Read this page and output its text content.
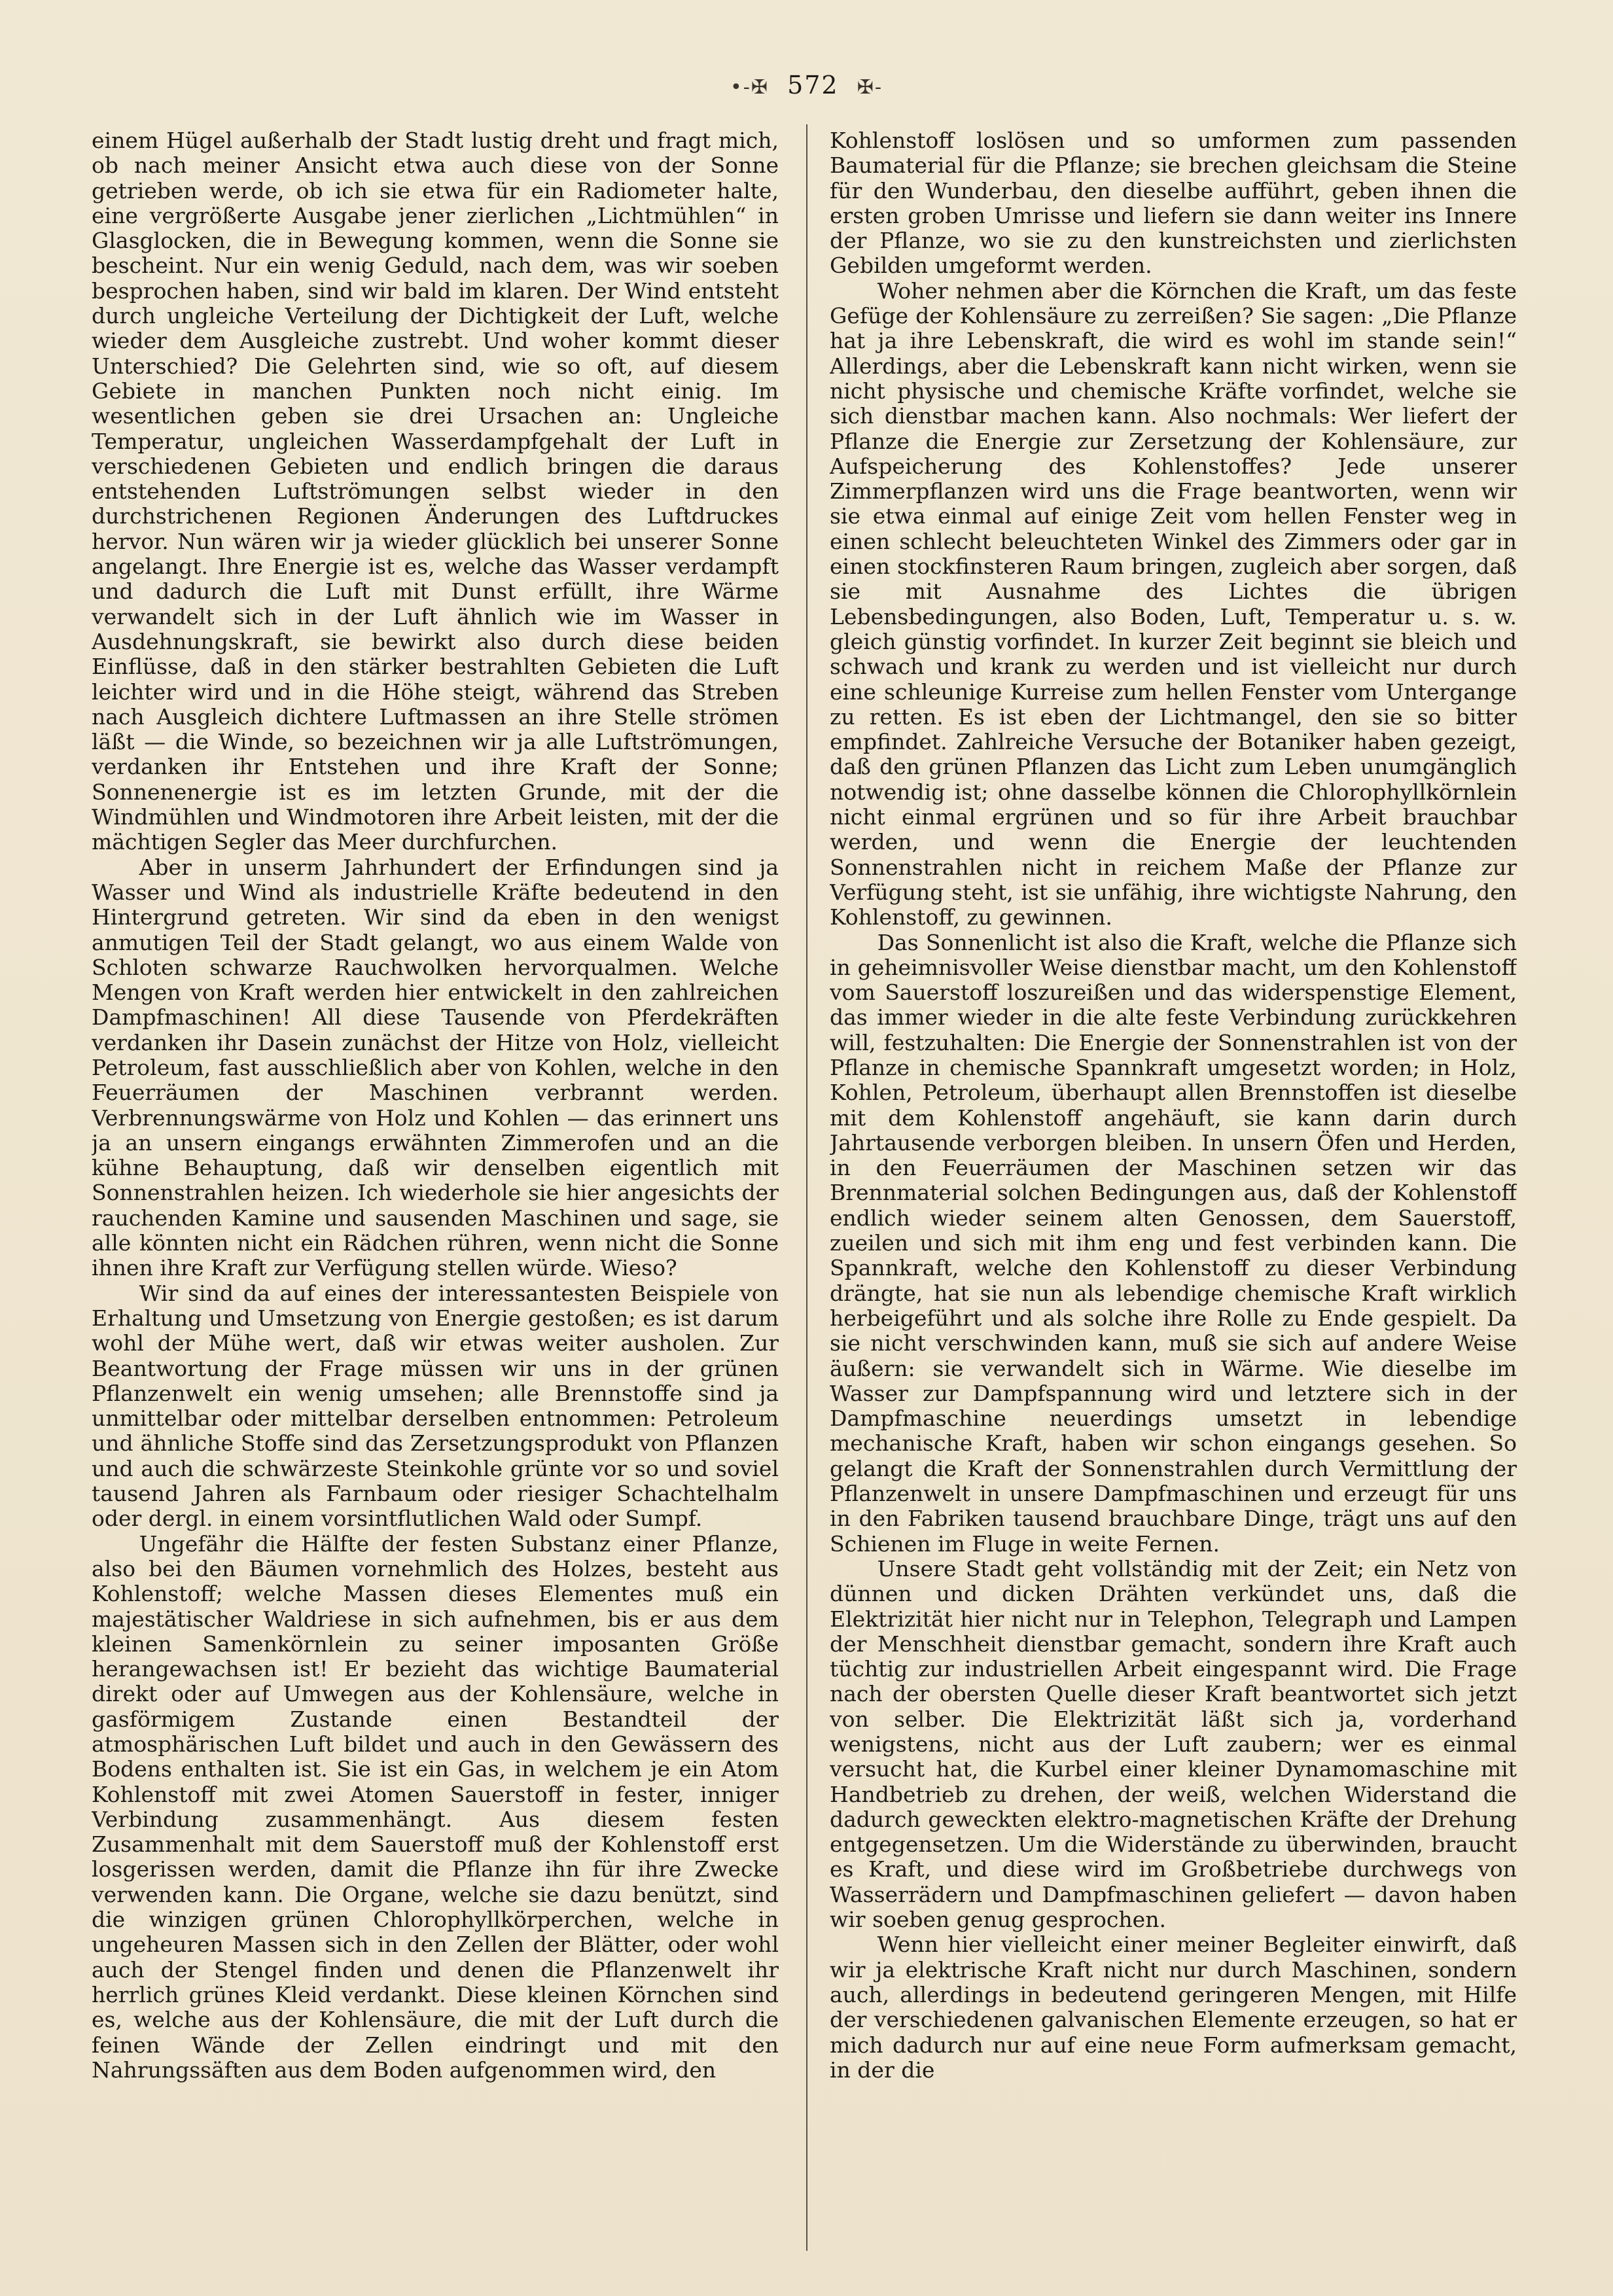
•-✠ 572 ✠-

einem Hügel außerhalb der Stadt lustig dreht und fragt mich, ob nach meiner Ansicht etwa auch diese von der Sonne getrieben werde, ob ich sie etwa für ein Radiometer halte, eine vergrößerte Ausgabe jener zierlichen „Lichtmühlen“ in Glasglocken, die in Bewegung kommen, wenn die Sonne sie bescheint. Nur ein wenig Geduld, nach dem, was wir soeben besprochen haben, sind wir bald im klaren. Der Wind entsteht durch ungleiche Verteilung der Dichtigkeit der Luft, welche wieder dem Ausgleiche zustrebt. Und woher kommt dieser Unterschied? Die Gelehrten sind, wie so oft, auf diesem Gebiete in manchen Punkten noch nicht einig. Im wesentlichen geben sie drei Ursachen an: Ungleiche Temperatur, ungleichen Wasserdampfgehalt der Luft in verschiedenen Gebieten und endlich bringen die daraus entstehenden Luftströmungen selbst wieder in den durchstrichenen Regionen Änderungen des Luftdruckes hervor. Nun wären wir ja wieder glücklich bei unserer Sonne angelangt. Ihre Energie ist es, welche das Wasser verdampft und dadurch die Luft mit Dunst erfüllt, ihre Wärme verwandelt sich in der Luft ähnlich wie im Wasser in Ausdehnungskraft, sie bewirkt also durch diese beiden Einflüsse, daß in den stärker bestrahlten Gebieten die Luft leichter wird und in die Höhe steigt, während das Streben nach Ausgleich dichtere Luftmassen an ihre Stelle strömen läßt — die Winde, so bezeichnen wir ja alle Luftströmungen, verdanken ihr Entstehen und ihre Kraft der Sonne; Sonnenenergie ist es im letzten Grunde, mit der die Windmühlen und Windmotoren ihre Arbeit leisten, mit der die mächtigen Segler das Meer durchfurchen.

Aber in unserm Jahrhundert der Erfindungen sind ja Wasser und Wind als industrielle Kräfte bedeutend in den Hintergrund getreten. Wir sind da eben in den wenigst anmutigen Teil der Stadt gelangt, wo aus einem Walde von Schloten schwarze Rauchwolken hervorqualmen. Welche Mengen von Kraft werden hier entwickelt in den zahlreichen Dampfmaschinen! All diese Tausende von Pferdekräften verdanken ihr Dasein zunächst der Hitze von Holz, vielleicht Petroleum, fast ausschließlich aber von Kohlen, welche in den Feuerräumen der Maschinen verbrannt werden. Verbrennungswärme von Holz und Kohlen — das erinnert uns ja an unsern eingangs erwähnten Zimmerofen und an die kühne Behauptung, daß wir denselben eigentlich mit Sonnenstrahlen heizen. Ich wiederhole sie hier angesichts der rauchenden Kamine und sausenden Maschinen und sage, sie alle könnten nicht ein Rädchen rühren, wenn nicht die Sonne ihnen ihre Kraft zur Verfügung stellen würde. Wieso?

Wir sind da auf eines der interessantesten Beispiele von Erhaltung und Umsetzung von Energie gestoßen; es ist darum wohl der Mühe wert, daß wir etwas weiter ausholen. Zur Beantwortung der Frage müssen wir uns in der grünen Pflanzenwelt ein wenig umsehen; alle Brennstoffe sind ja unmittelbar oder mittelbar derselben entnommen: Petroleum und ähnliche Stoffe sind das Zersetzungsprodukt von Pflanzen und auch die schwärzeste Steinkohle grünte vor so und soviel tausend Jahren als Farnbaum oder riesiger Schachtelhalm oder dergl. in einem vorsintflutlichen Wald oder Sumpf.

Ungefähr die Hälfte der festen Substanz einer Pflanze, also bei den Bäumen vornehmlich des Holzes, besteht aus Kohlenstoff; welche Massen dieses Elementes muß ein majestätischer Waldriese in sich aufnehmen, bis er aus dem kleinen Samenkörnlein zu seiner imposanten Größe herangewachsen ist! Er bezieht das wichtige Baumaterial direkt oder auf Umwegen aus der Kohlensäure, welche in gasförmigem Zustande einen Bestandteil der atmosphärischen Luft bildet und auch in den Gewässern des Bodens enthalten ist. Sie ist ein Gas, in welchem je ein Atom Kohlenstoff mit zwei Atomen Sauerstoff in fester, inniger Verbindung zusammenhängt. Aus diesem festen Zusammenhalt mit dem Sauerstoff muß der Kohlenstoff erst losgerissen werden, damit die Pflanze ihn für ihre Zwecke verwenden kann. Die Organe, welche sie dazu benützt, sind die winzigen grünen Chlorophyllkörperchen, welche in ungeheuren Massen sich in den Zellen der Blätter, oder wohl auch der Stengel finden und denen die Pflanzenwelt ihr herrlich grünes Kleid verdankt. Diese kleinen Körnchen sind es, welche aus der Kohlensäure, die mit der Luft durch die feinen Wände der Zellen eindringt und mit den Nahrungssäften aus dem Boden aufgenommen wird, den

Kohlenstoff loslösen und so umformen zum passenden Baumaterial für die Pflanze; sie brechen gleichsam die Steine für den Wunderbau, den dieselbe aufführt, geben ihnen die ersten groben Umrisse und liefern sie dann weiter ins Innere der Pflanze, wo sie zu den kunstreichsten und zierlichsten Gebilden umgeformt werden.

Woher nehmen aber die Körnchen die Kraft, um das feste Gefüge der Kohlensäure zu zerreißen? Sie sagen: „Die Pflanze hat ja ihre Lebenskraft, die wird es wohl im stande sein!“ Allerdings, aber die Lebenskraft kann nicht wirken, wenn sie nicht physische und chemische Kräfte vorfindet, welche sie sich dienstbar machen kann. Also nochmals: Wer liefert der Pflanze die Energie zur Zersetzung der Kohlensäure, zur Aufspeicherung des Kohlenstoffes? Jede unserer Zimmerpflanzen wird uns die Frage beantworten, wenn wir sie etwa einmal auf einige Zeit vom hellen Fenster weg in einen schlecht beleuchteten Winkel des Zimmers oder gar in einen stockfinsteren Raum bringen, zugleich aber sorgen, daß sie mit Ausnahme des Lichtes die übrigen Lebensbedingungen, also Boden, Luft, Temperatur u. s. w. gleich günstig vorfindet. In kurzer Zeit beginnt sie bleich und schwach und krank zu werden und ist vielleicht nur durch eine schleunige Kurreise zum hellen Fenster vom Untergange zu retten. Es ist eben der Lichtmangel, den sie so bitter empfindet. Zahlreiche Versuche der Botaniker haben gezeigt, daß den grünen Pflanzen das Licht zum Leben unumgänglich notwendig ist; ohne dasselbe können die Chlorophyllkörnlein nicht einmal ergrünen und so für ihre Arbeit brauchbar werden, und wenn die Energie der leuchtenden Sonnenstrahlen nicht in reichem Maße der Pflanze zur Verfügung steht, ist sie unfähig, ihre wichtigste Nahrung, den Kohlenstoff, zu gewinnen.

Das Sonnenlicht ist also die Kraft, welche die Pflanze sich in geheimnisvoller Weise dienstbar macht, um den Kohlenstoff vom Sauerstoff loszureißen und das widerspenstige Element, das immer wieder in die alte feste Verbindung zurückkehren will, festzuhalten: Die Energie der Sonnenstrahlen ist von der Pflanze in chemische Spannkraft umgesetzt worden; in Holz, Kohlen, Petroleum, überhaupt allen Brennstoffen ist dieselbe mit dem Kohlenstoff angehäuft, sie kann darin durch Jahrtausende verborgen bleiben. In unsern Öfen und Herden, in den Feuerräumen der Maschinen setzen wir das Brennmaterial solchen Bedingungen aus, daß der Kohlenstoff endlich wieder seinem alten Genossen, dem Sauerstoff, zueilen und sich mit ihm eng und fest verbinden kann. Die Spannkraft, welche den Kohlenstoff zu dieser Verbindung drängte, hat sie nun als lebendige chemische Kraft wirklich herbeigeführt und als solche ihre Rolle zu Ende gespielt. Da sie nicht verschwinden kann, muß sie sich auf andere Weise äußern: sie verwandelt sich in Wärme. Wie dieselbe im Wasser zur Dampfspannung wird und letztere sich in der Dampfmaschine neuerdings umsetzt in lebendige mechanische Kraft, haben wir schon eingangs gesehen. So gelangt die Kraft der Sonnenstrahlen durch Vermittlung der Pflanzenwelt in unsere Dampfmaschinen und erzeugt für uns in den Fabriken tausend brauchbare Dinge, trägt uns auf den Schienen im Fluge in weite Fernen.

Unsere Stadt geht vollständig mit der Zeit; ein Netz von dünnen und dicken Drähten verkündet uns, daß die Elektrizität hier nicht nur in Telephon, Telegraph und Lampen der Menschheit dienstbar gemacht, sondern ihre Kraft auch tüchtig zur industriellen Arbeit eingespannt wird. Die Frage nach der obersten Quelle dieser Kraft beantwortet sich jetzt von selber. Die Elektrizität läßt sich ja, vorderhand wenigstens, nicht aus der Luft zaubern; wer es einmal versucht hat, die Kurbel einer kleiner Dynamomaschine mit Handbetrieb zu drehen, der weiß, welchen Widerstand die dadurch geweckten elektro-magnetischen Kräfte der Drehung entgegensetzen. Um die Widerstände zu überwinden, braucht es Kraft, und diese wird im Großbetriebe durchwegs von Wasserrädern und Dampfmaschinen geliefert — davon haben wir soeben genug gesprochen.

Wenn hier vielleicht einer meiner Begleiter einwirft, daß wir ja elektrische Kraft nicht nur durch Maschinen, sondern auch, allerdings in bedeutend geringeren Mengen, mit Hilfe der verschiedenen galvanischen Elemente erzeugen, so hat er mich dadurch nur auf eine neue Form aufmerksam gemacht, in der die
